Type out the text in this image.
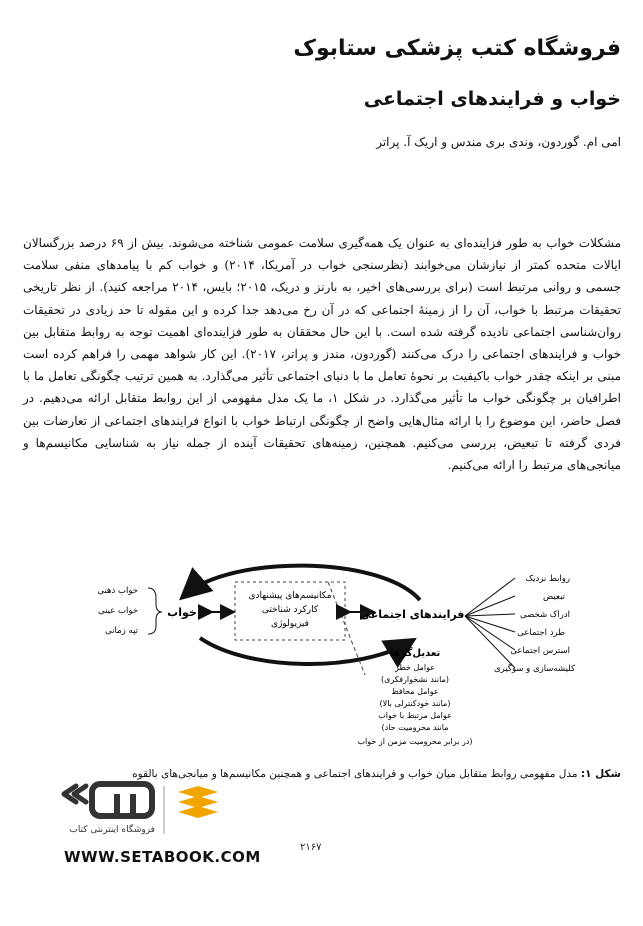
فروشگاه کتب پزشکی ستابوک
خواب و فرایندهای اجتماعی
امی ام. گوردون، وندی بری مندس و اریک آ. پراتر

مشکلات خواب به طور فزاینده‌ای به عنوان یک همه‌گیری سلامت عمومی شناخته می‌شوند. بیش از ۶۹ درصد بزرگسالان ایالات متحده کمتر از نیازشان می‌خوابند (نظرسنجی خواب در آمریکا، ۲۰۱۴) و خواب کم با پیامدهای منفی سلامت جسمی و روانی مرتبط است (برای بررسی‌های اخیر، به بارنز و دریک، ۲۰۱۵؛ بایس، ۲۰۱۴ مراجعه کنید). از نظر تاریخی تحقیقات مرتبط با خواب، آن را از زمینهٔ اجتماعی که در آن رخ می‌دهد جدا کرده و این مقوله تا حد زیادی در تحقیقات روان‌شناسی اجتماعی نادیده گرفته شده است. با این حال محققان به طور فزاینده‌ای اهمیت توجه به روابط متقابل بین خواب و فرایندهای اجتماعی را درک می‌کنند (گوردون، مندز و پراتر، ۲۰۱۷). این کار شواهد مهمی را فراهم کرده است مبنی بر اینکه چقدر خواب باکیفیت بر نحوهٔ تعامل ما با دنیای اجتماعی تأثیر می‌گذارد. به همین ترتیب چگونگی تعامل ما با اطرافیان بر چگونگی خواب ما تأثیر می‌گذارد. در شکل ۱، ما یک مدل مفهومی از این روابط متقابل ارائه می‌دهیم. در فصل حاضر، این موضوع را با ارائه مثال‌هایی واضح از چگونگی ارتباط خواب با انواع فرایندهای اجتماعی از تعارضات بین فردی گرفته تا تبعیض، بررسی می‌کنیم. همچنین، زمینه‌های تحقیقات آینده از جمله نیاز به شناسایی مکانیسم‌ها و میانجی‌های مرتبط را ارائه می‌کنیم.

خواب	فرایندهای اجتماعی
مکانیسم‌های پیشنهادی
کارکرد شناختی
فیزیولوژی
خواب ذهنی
خواب عینی
تپه زمانی
روابط نزدیک
تبعیض
ادراک شخصی
طرد اجتماعی
استرس اجتماعی
کلیشه‌سازی و سوگیری
تعدیل‌گرها
عوامل خطر
(مانند نشخوارفکری)
عوامل محافظ
(مانند خودکنترلی بالا)
عوامل مرتبط با خواب
(مانند محرومیت حاد
در برابر محرومیت مزمن از خواب)
شکل ۱: مدل مفهومی روابط متقابل میان خواب و فرایندهای اجتماعی و همچنین مکانیسم‌ها و میانجی‌های بالقوه
فروشگاه اینترنتی کتاب
WWW.SETABOOK.COM
۲۱۶۷
